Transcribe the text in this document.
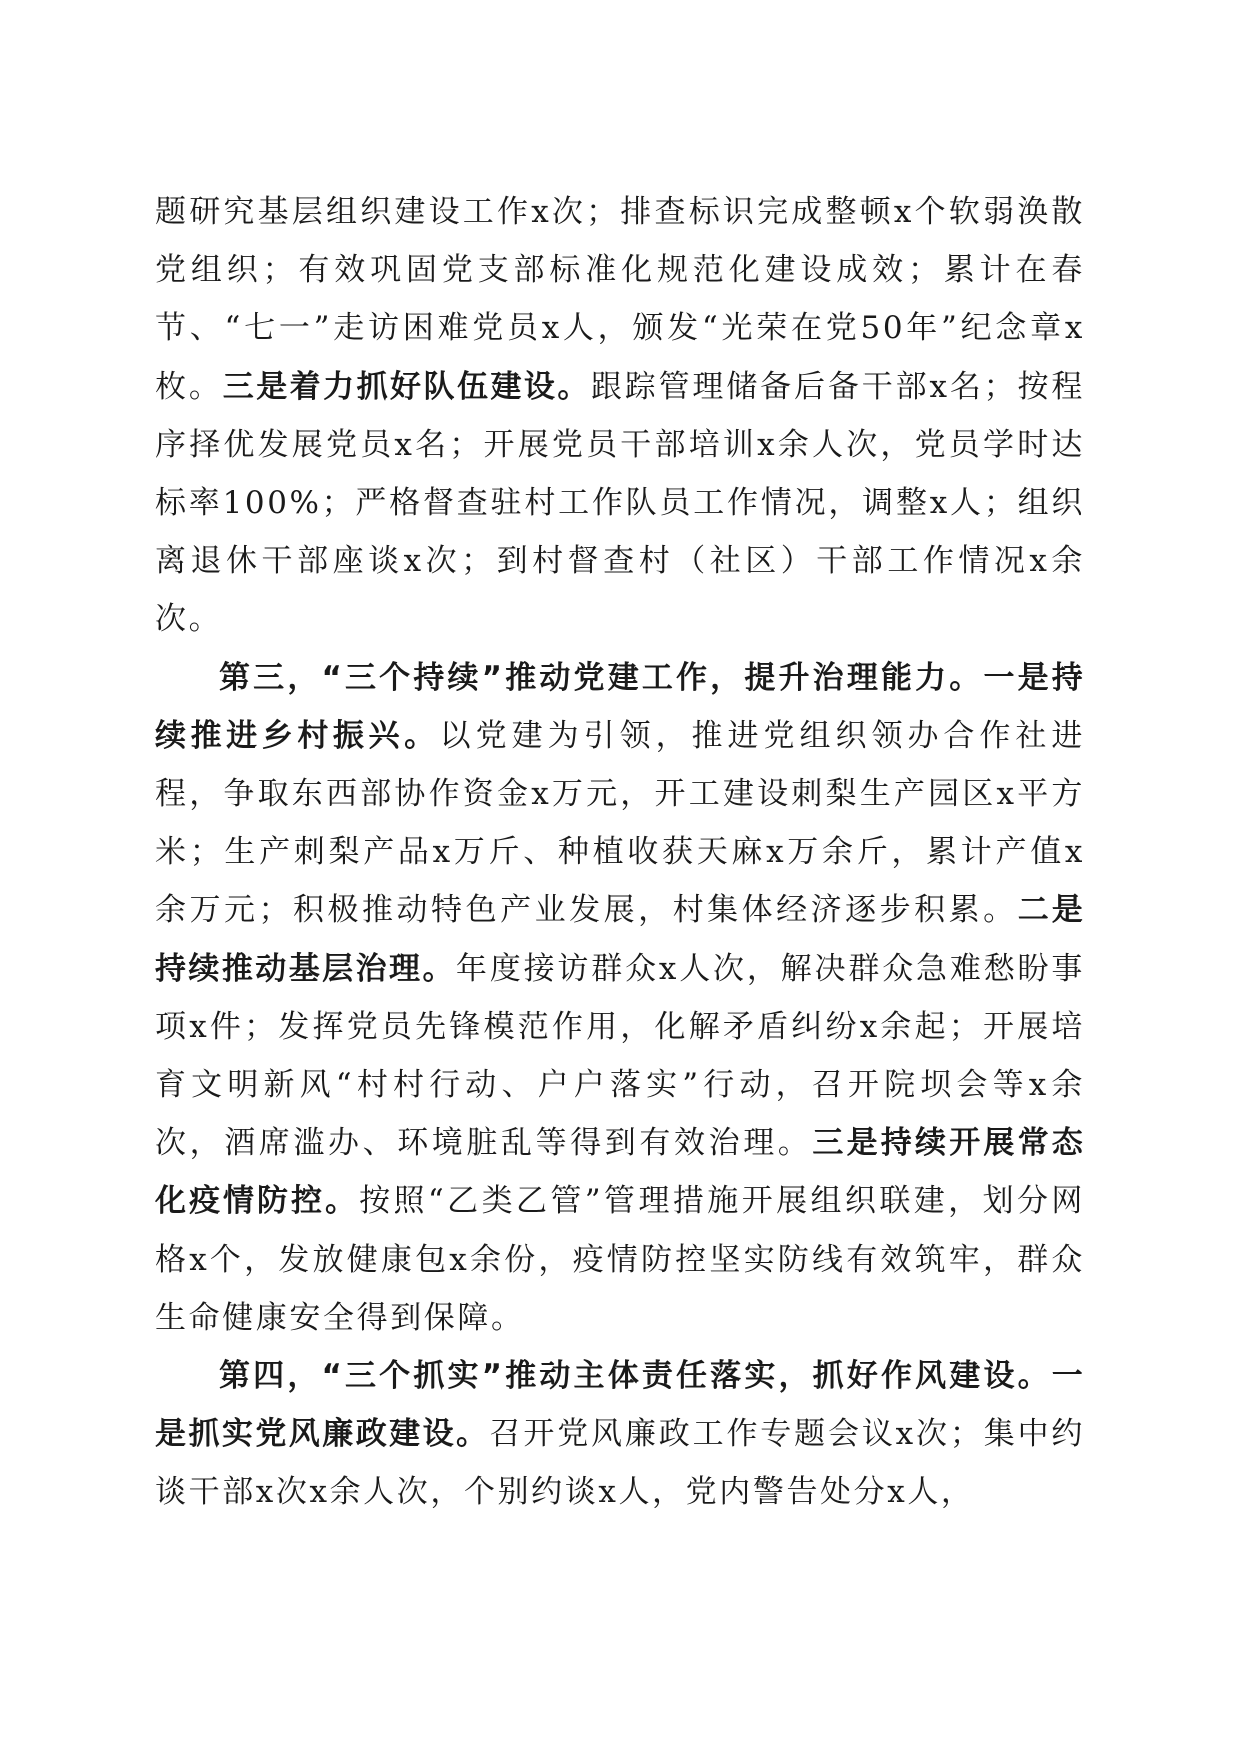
题研究基层组织建设工作x次；排查标识完成整顿x个软弱涣散党组织；有效巩固党支部标准化规范化建设成效；累计在春节、“七一”走访困难党员x人，颁发“光荣在党50年”纪念章x枚。三是着力抓好队伍建设。跟踪管理储备后备干部x名；按程序择优发展党员x名；开展党员干部培训x余人次，党员学时达标率100%；严格督查驻村工作队员工作情况，调整x人；组织离退休干部座谈x次；到村督查村（社区）干部工作情况x余次。

第三，“三个持续”推动党建工作，提升治理能力。一是持续推进乡村振兴。以党建为引领，推进党组织领办合作社进程，争取东西部协作资金x万元，开工建设刺梨生产园区x平方米；生产刺梨产品x万斤、种植收获天麻x万余斤，累计产值x余万元；积极推动特色产业发展，村集体经济逐步积累。二是持续推动基层治理。年度接访群众x人次，解决群众急难愁盼事项x件；发挥党员先锋模范作用，化解矛盾纠纷x余起；开展培育文明新风“村村行动、户户落实”行动，召开院坝会等x余次，酒席滥办、环境脏乱等得到有效治理。三是持续开展常态化疫情防控。按照“乙类乙管”管理措施开展组织联建，划分网格x个，发放健康包x余份，疫情防控坚实防线有效筑牢，群众生命健康安全得到保障。

第四，“三个抓实”推动主体责任落实，抓好作风建设。一是抓实党风廉政建设。召开党风廉政工作专题会议x次；集中约谈干部x次x余人次，个别约谈x人，党内警告处分x人，
